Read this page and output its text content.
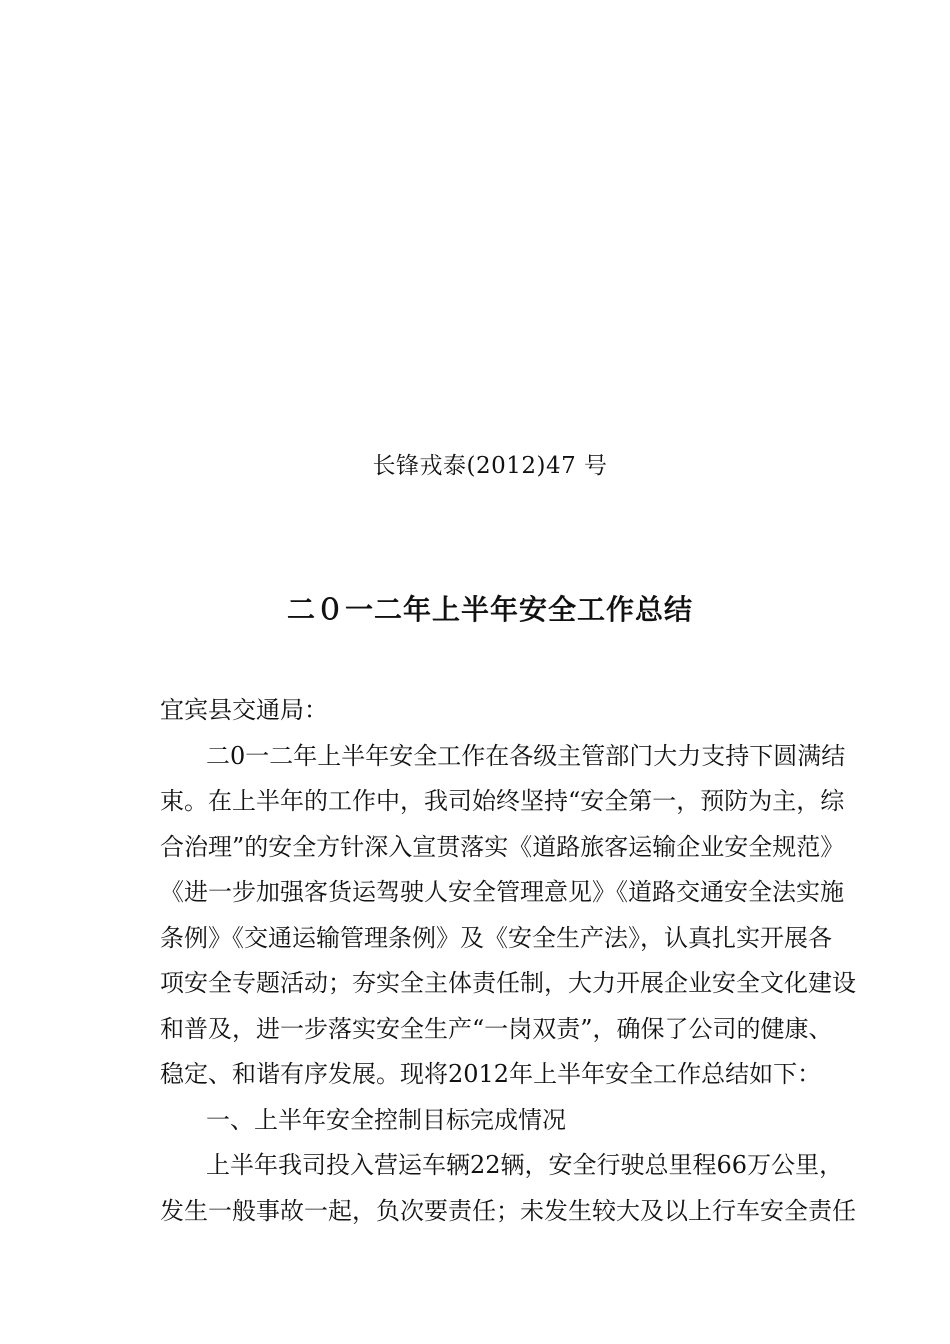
长锋戎泰(2012)47 号
二０一二年上半年安全工作总结
宜宾县交通局：
二0一二年上半年安全工作在各级主管部门大力支持下圆满结
束。在上半年的工作中，我司始终坚持“安全第一，预防为主，综
合治理”的安全方针深入宣贯落实《道路旅客运输企业安全规范》
《进一步加强客货运驾驶人安全管理意见》《道路交通安全法实施
条例》《交通运输管理条例》及《安全生产法》，认真扎实开展各
项安全专题活动；夯实全主体责任制，大力开展企业安全文化建设
和普及，进一步落实安全生产“一岗双责”，确保了公司的健康、
稳定、和谐有序发展。现将2012年上半年安全工作总结如下：
一、上半年安全控制目标完成情况
上半年我司投入营运车辆22辆，安全行驶总里程66万公里，
发生一般事故一起，负次要责任；未发生较大及以上行车安全责任
